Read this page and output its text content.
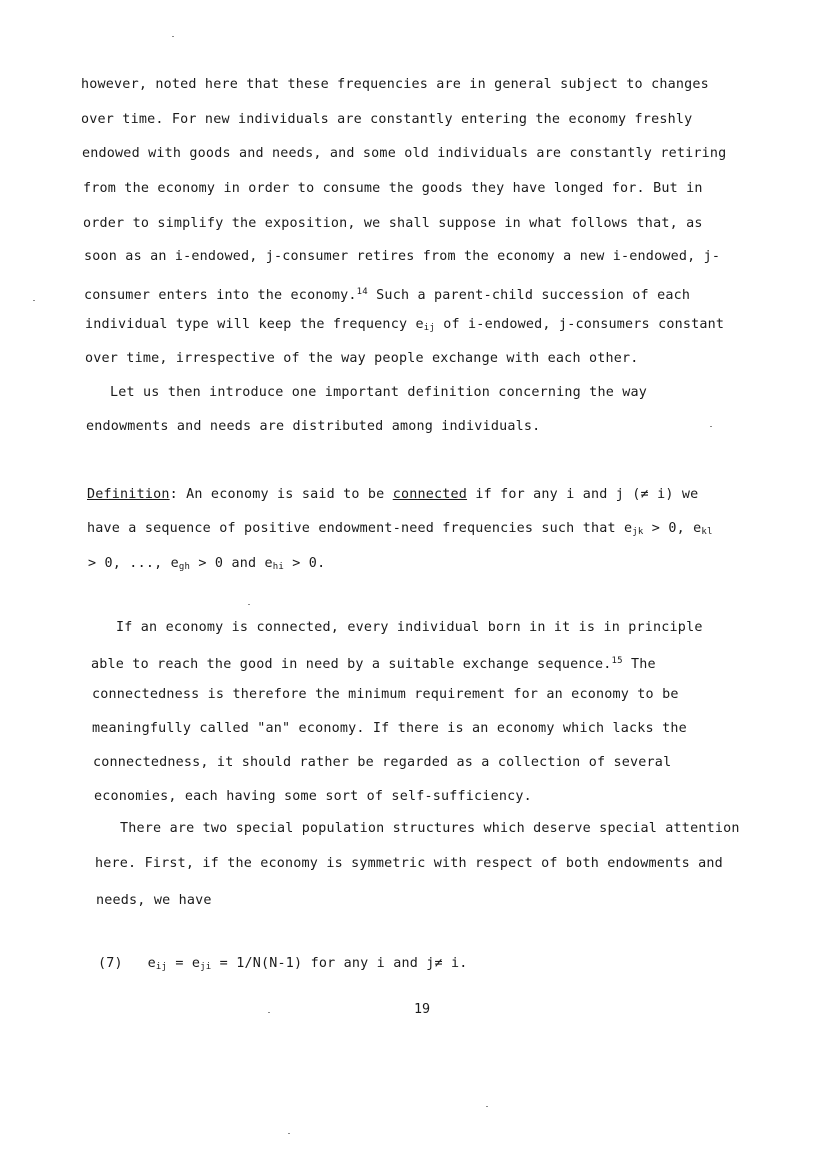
however, noted here that these frequencies are in general subject to changes
over time. For new individuals are constantly entering the economy freshly
endowed with goods and needs, and some old individuals are constantly retiring
from the economy in order to consume the goods they have longed for. But in
order to simplify the exposition, we shall suppose in what follows that, as
soon as an i-endowed, j-consumer retires from the economy a new i-endowed, j-
consumer enters into the economy.$^{14}$ Such a parent-child succession of each
individual type will keep the frequency $e_{ij}$ of i-endowed, j-consumers constant
over time, irrespective of the way people exchange with each other.
Let us then introduce one important definition concerning the way
endowments and needs are distributed among individuals.
Definition: An economy is said to be connected if for any i and j (≠ i) we
have a sequence of positive endowment-need frequencies such that $e_{jk} > 0$, $e_{kl}$
> 0, ..., $e_{gh} > 0$ and $e_{hi} > 0$.
If an economy is connected, every individual born in it is in principle
able to reach the good in need by a suitable exchange sequence.$^{15}$ The
connectedness is therefore the minimum requirement for an economy to be
meaningfully called "an" economy. If there is an economy which lacks the
connectedness, it should rather be regarded as a collection of several
economies, each having some sort of self-sufficiency.
There are two special population structures which deserve special attention
here. First, if the economy is symmetric with respect of both endowments and
needs, we have
(7) $e_{ij} = e_{ji} = 1/N(N-1)$ for any i and j≠ i.
19
